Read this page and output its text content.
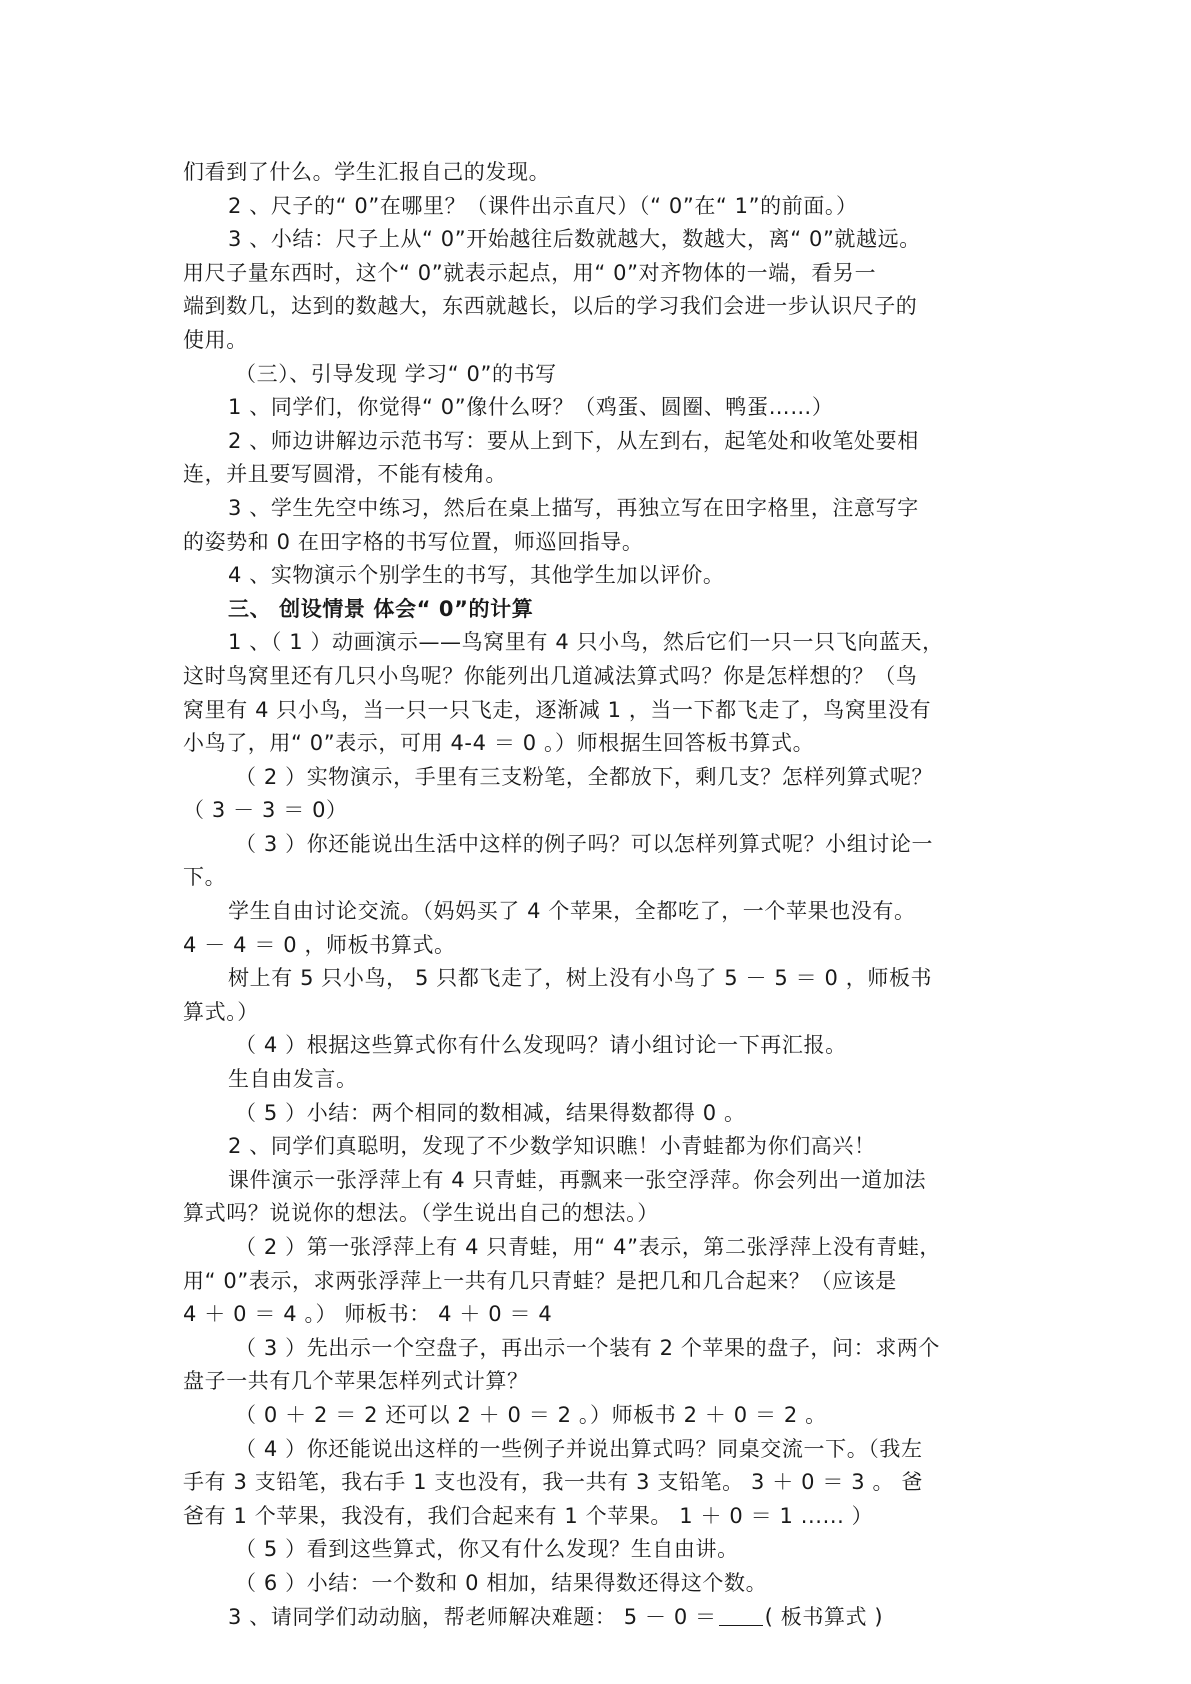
们看到了什么。学生汇报自己的发现。
2 、尺子的“ 0”在哪里？（课件出示直尺）（“ 0”在“ 1”的前面。）
3 、小结：尺子上从“ 0”开始越往后数就越大，数越大，离“ 0”就越远。
用尺子量东西时，这个“ 0”就表示起点，用“ 0”对齐物体的一端，看另一
端到数几，达到的数越大，东西就越长，以后的学习我们会进一步认识尺子的
使用。
（三）、引导发现 学习“ 0”的书写
1 、同学们，你觉得“ 0”像什么呀？（鸡蛋、圆圈、鸭蛋……）
2 、师边讲解边示范书写：要从上到下，从左到右，起笔处和收笔处要相
连，并且要写圆滑，不能有棱角。
3 、学生先空中练习，然后在桌上描写，再独立写在田字格里，注意写字
的姿势和 0 在田字格的书写位置，师巡回指导。
4 、实物演示个别学生的书写，其他学生加以评价。
三、 创设情景 体会“ 0”的计算
1 、（ 1 ）动画演示——鸟窝里有 4 只小鸟，然后它们一只一只飞向蓝天，
这时鸟窝里还有几只小鸟呢？你能列出几道减法算式吗？你是怎样想的？（鸟
窝里有 4 只小鸟，当一只一只飞走，逐渐减 1 ，当一下都飞走了，鸟窝里没有
小鸟了，用“ 0”表示，可用 4-4 ＝ 0 。）师根据生回答板书算式。
（ 2 ）实物演示，手里有三支粉笔，全都放下，剩几支？怎样列算式呢？
（ 3 － 3 ＝ 0）
（ 3 ）你还能说出生活中这样的例子吗？可以怎样列算式呢？小组讨论一
下。
学生自由讨论交流。（妈妈买了 4 个苹果，全都吃了，一个苹果也没有。
4 － 4 ＝ 0 ，师板书算式。
树上有 5 只小鸟， 5 只都飞走了，树上没有小鸟了 5 － 5 ＝ 0 ，师板书
算式。）
（ 4 ）根据这些算式你有什么发现吗？请小组讨论一下再汇报。
生自由发言。
（ 5 ）小结：两个相同的数相减，结果得数都得 0 。
2 、同学们真聪明，发现了不少数学知识瞧！小青蛙都为你们高兴！
课件演示一张浮萍上有 4 只青蛙，再飘来一张空浮萍。你会列出一道加法
算式吗？说说你的想法。（学生说出自己的想法。）
（ 2 ）第一张浮萍上有 4 只青蛙，用“ 4”表示，第二张浮萍上没有青蛙，
用“ 0”表示，求两张浮萍上一共有几只青蛙？是把几和几合起来？（应该是
4 ＋ 0 ＝ 4 。） 师板书： 4 ＋ 0 ＝ 4
（ 3 ）先出示一个空盘子，再出示一个装有 2 个苹果的盘子，问：求两个
盘子一共有几个苹果怎样列式计算？
（ 0 ＋ 2 ＝ 2 还可以 2 ＋ 0 ＝ 2 。）师板书 2 ＋ 0 ＝ 2 。
（ 4 ）你还能说出这样的一些例子并说出算式吗？同桌交流一下。（我左
手有 3 支铅笔，我右手 1 支也没有，我一共有 3 支铅笔。 3 ＋ 0 ＝ 3 。 爸
爸有 1 个苹果，我没有，我们合起来有 1 个苹果。 1 ＋ 0 ＝ 1 ...... ）
（ 5 ）看到这些算式，你又有什么发现？生自由讲。
（ 6 ）小结：一个数和 0 相加，结果得数还得这个数。
3 、请同学们动动脑，帮老师解决难题： 5 － 0 ＝ ( 板书算式 )
